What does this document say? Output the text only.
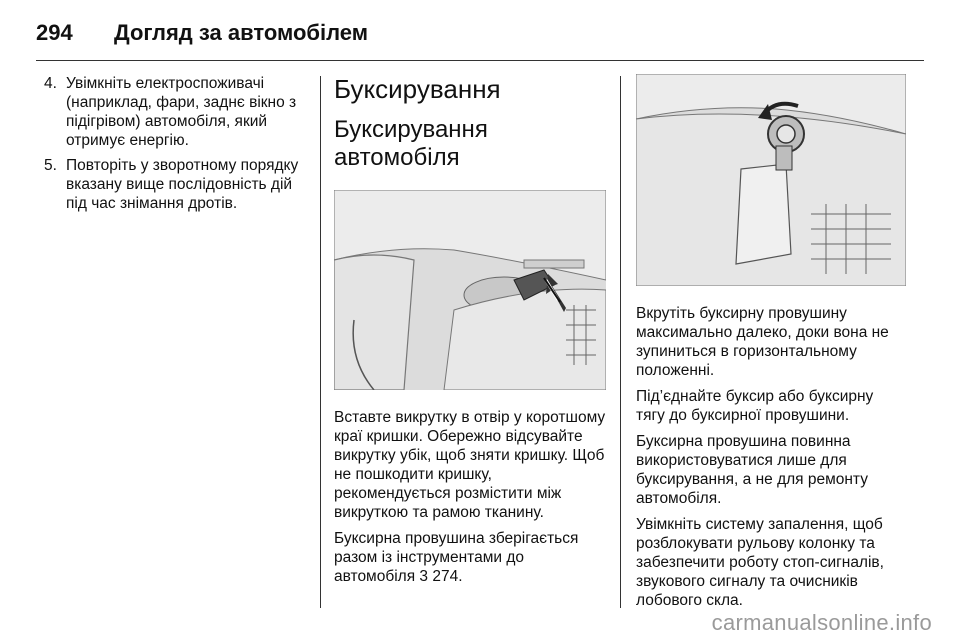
294 Догляд за автомобілем
4. Увімкніть електроспоживачі (наприклад, фари, заднє вікно з підігрівом) автомобіля, який отримує енергію.
5. Повторіть у зворотному порядку вказану вище послідовність дій під час знімання дротів.
Буксирування
Буксирування автомобіля

Вставте викрутку в отвір у коротшому краї кришки. Обережно відсувайте викрутку убік, щоб зняти кришку. Щоб не пошкодити кришку, рекомендується розмістити між викруткою та рамою тканину.

Буксирна провушина зберігається разом із інструментами до автомобіля 3 274.

Вкрутіть буксирну провушину максимально далеко, доки вона не зупиниться в горизонтальному положенні.

Під’єднайте буксир або буксирну тягу до буксирної провушини.

Буксирна провушина повинна використовуватися лише для буксирування, а не для ремонту автомобіля.

Увімкніть систему запалення, щоб розблокувати рульову колонку та забезпечити роботу стоп-сигналів, звукового сигналу та очисників лобового скла.

carmanualsonline.info
